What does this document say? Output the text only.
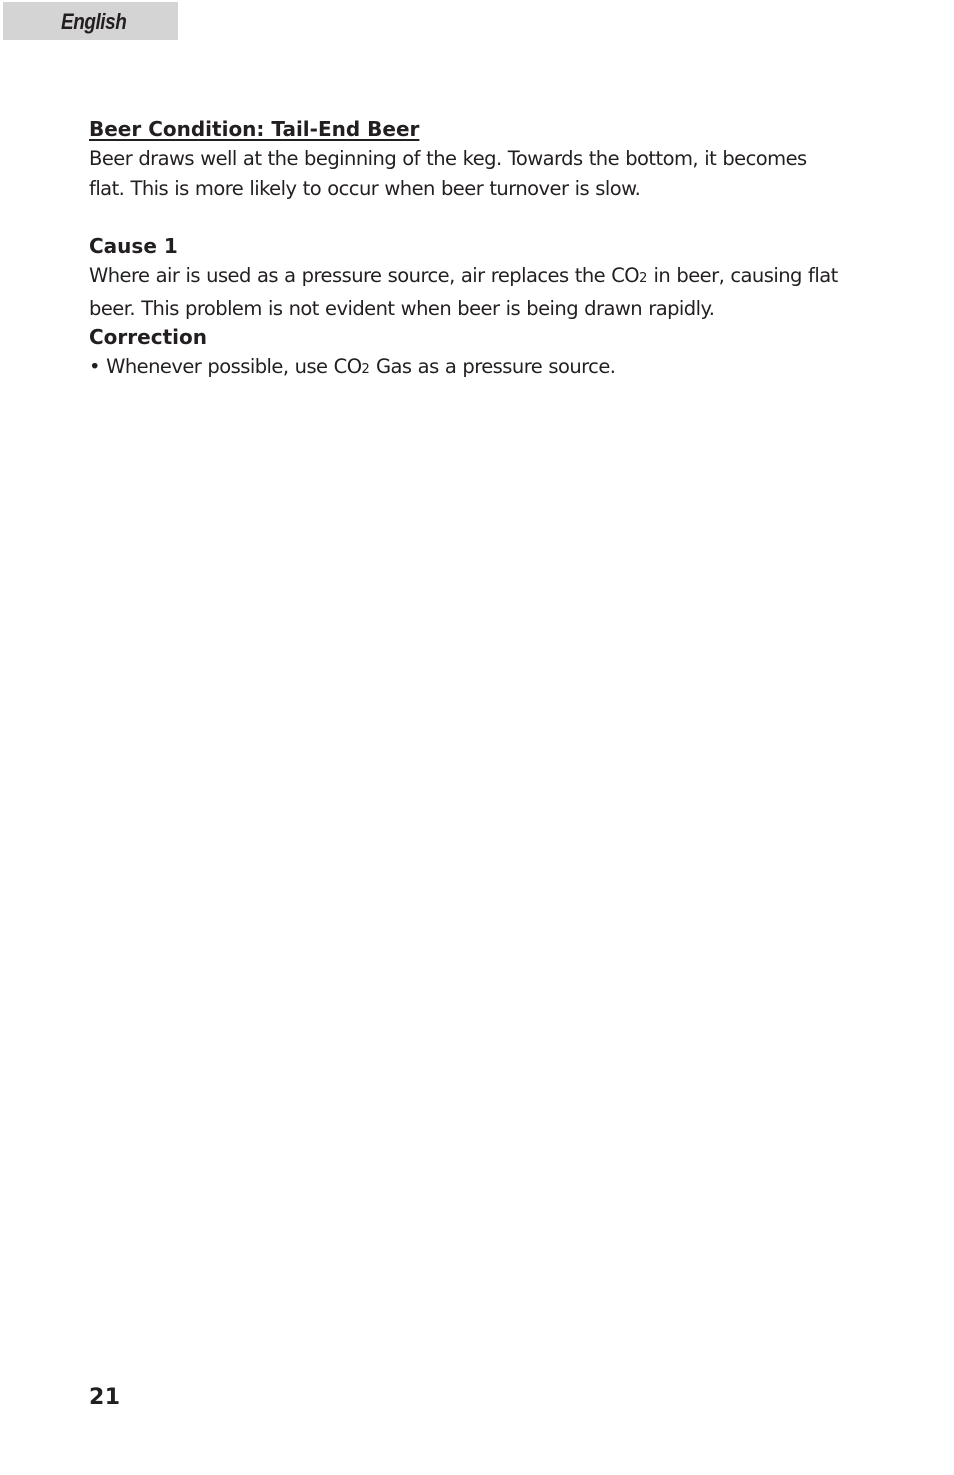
English

Beer Condition: Tail-End Beer

Beer draws well at the beginning of the keg. Towards the bottom, it becomes

flat. This is more likely to occur when beer turnover is slow.

Cause 1

Where air is used as a pressure source, air replaces the CO2 in beer, causing flat

beer. This problem is not evident when beer is being drawn rapidly.

Correction

• Whenever possible, use CO2 Gas as a pressure source.

21
